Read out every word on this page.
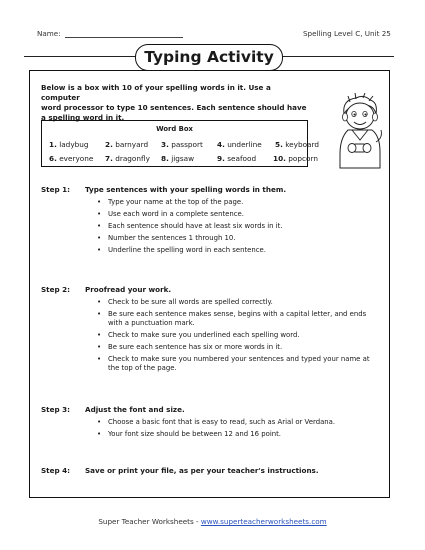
Name:	Spelling Level C, Unit 25
Typing Activity
Below is a box with 10 of your spelling words in it. Use a computer
word processor to type 10 sentences. Each sentence should have
a spelling word in it.
Word Box
1. ladybug 2. barnyard 3. passport 4. underline 5. keyboard
6. everyone 7. dragonfly 8. jigsaw	9. seafood 10. popcorn
Step 1: Type sentences with your spelling words in them.
• Type your name at the top of the page.
• Use each word in a complete sentence.
• Each sentence should have at least six words in it.
• Number the sentences 1 through 10.
• Underline the spelling word in each sentence.
Step 2: Proofread your work.
• Check to be sure all words are spelled correctly.
• Be sure each sentence makes sense, begins with a capital letter, and ends with a punctuation mark.
• Check to make sure you underlined each spelling word.
• Be sure each sentence has six or more words in it.
• Check to make sure you numbered your sentences and typed your name at the top of the page.
Step 3: Adjust the font and size.
• Choose a basic font that is easy to read, such as Arial or Verdana.
• Your font size should be between 12 and 16 point.
Step 4: Save or print your file, as per your teacher's instructions.
Super Teacher Worksheets - www.superteacherworksheets.com
